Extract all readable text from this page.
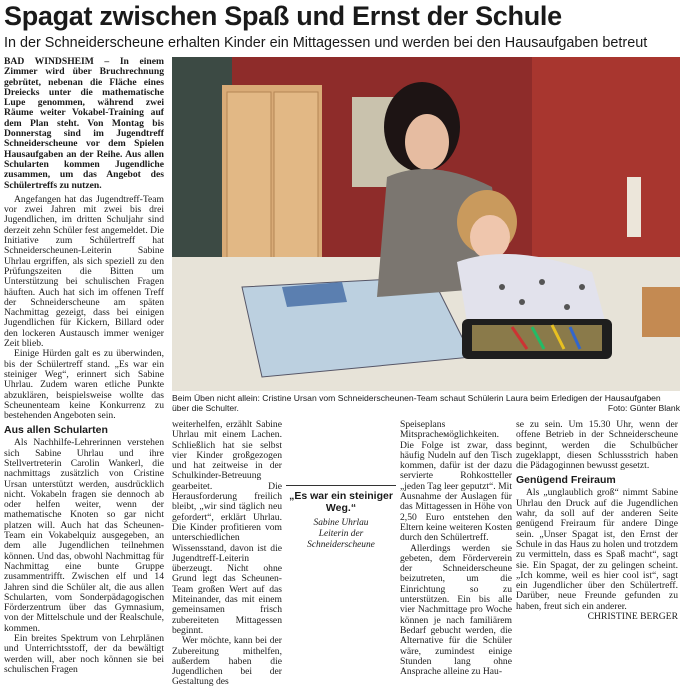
Spagat zwischen Spaß und Ernst der Schule
In der Schneiderscheune erhalten Kinder ein Mittagessen und werden bei den Hausaufgaben betreut

BAD WINDSHEIM – In einem Zimmer wird über Bruchrechnung gebrütet, nebenan die Fläche eines Dreiecks unter die mathematische Lupe genommen, während zwei Räume weiter Vokabel-Training auf dem Plan steht. Von Montag bis Donnerstag sind im Jugendtreff Schneiderscheune vor dem Spielen Hausaufgaben an der Reihe. Aus allen Schularten kommen Jugendliche zusammen, um das Angebot des Schülertreffs zu nutzen.

Angefangen hat das Jugendtreff-Team vor zwei Jahren mit zwei bis drei Jugendlichen, im dritten Schuljahr sind derzeit zehn Schüler fest angemeldet. Die Initiative zum Schülertreff hat Schneiderscheunen-Leiterin Sabine Uhrlau ergriffen, als sich speziell zu den Prüfungszeiten die Bitten um Unterstützung bei schulischen Fragen häuften. Auch hat sich im offenen Treff der Schneiderscheune am späten Nachmittag gezeigt, dass bei einigen Jugendlichen für Kickern, Billard oder den lockeren Austausch immer weniger Zeit blieb.

Einige Hürden galt es zu überwinden, bis der Schülertreff stand. „Es war ein steiniger Weg“, erinnert sich Sabine Uhrlau. Zudem waren etliche Punkte abzuklären, beispielsweise wollte das Scheunenteam keine Konkurrenz zu bestehenden Angeboten sein.

Aus allen Schularten

Als Nachhilfe-Lehrerinnen verstehen sich Sabine Uhrlau und ihre Stellvertreterin Carolin Wankerl, die nachmittags zusätzlich von Cristine Ursan unterstützt werden, ausdrücklich nicht. Vokabeln fragen sie dennoch ab oder helfen weiter, wenn der mathematische Knoten so gar nicht platzen will. Auch hat das Scheunen-Team ein Vokabelquiz ausgegeben, an dem alle Jugendlichen teilnehmen können. Und das, obwohl Nachmittag für Nachmittag eine bunte Gruppe zusammentrifft. Zwischen elf und 14 Jahren sind die Schüler alt, die aus allen Schularten, vom Sonderpädagogischen Förderzentrum über das Gymnasium, von der Mittelschule und der Realschule, kommen.

Ein breites Spektrum von Lehrplänen und Unterrichtsstoff, der da bewältigt werden will, aber noch können sie bei schulischen Fragen

Beim Üben nicht allein: Cristine Ursan vom Schneiderscheunen-Team schaut Schülerin Laura beim Erledigen der Hausaufgaben über die Schulter.	Foto: Günter Blank

weiterhelfen, erzählt Sabine Uhrlau mit einem Lachen. Schließlich hat sie selbst vier Kinder großgezogen und hat zeitweise in der Schulkinder-Betreuung gearbeitet. Die Herausforderung freilich bleibt, „wir sind täglich neu gefordert“, erklärt Uhrlau. Die Kinder profitieren vom unterschiedlichen Wissensstand, davon ist die Jugendtreff-Leiterin überzeugt. Nicht ohne Grund legt das Scheunen-Team großen Wert auf das Miteinander, das mit einem gemeinsamen frisch zubereiteten Mittagessen beginnt.

Wer möchte, kann bei der Zubereitung mithelfen, außerdem haben die Jugendlichen bei der Gestaltung des

„Es war ein steiniger Weg.“
Sabine Uhrlau
Leiterin der Schneiderscheune

Speiseplans Mitspracheмöglichkeiten. Die Folge ist zwar, dass häufig Nudeln auf den Tisch kommen, dafür ist der dazu servierte Rohkostteller „jeden Tag leer geputzt“. Mit Ausnahme der Auslagen für das Mittagessen in Höhe von 2,50 Euro entstehen den Eltern keine weiteren Kosten durch den Schülertreff.

Allerdings werden sie gebeten, dem Förderverein der Schneiderscheune beizutreten, um die Einrichtung so zu unterstützen. Ein bis alle vier Nachmittage pro Woche können je nach familiärem Bedarf gebucht werden, die Alternative für die Schüler wäre, zumindest einige Stunden lang ohne Ansprache alleine zu Hau-

se zu sein. Um 15.30 Uhr, wenn der offene Betrieb in der Schneiderscheune beginnt, werden die Schulbücher zugeklappt, diesen Schlussstrich haben die Pädagoginnen bewusst gesetzt.

Genügend Freiraum

Als „unglaublich groß“ nimmt Sabine Uhrlau den Druck auf die Jugendlichen wahr, da soll auf der anderen Seite genügend Freiraum für andere Dinge sein. „Unser Spagat ist, den Ernst der Schule in das Haus zu holen und trotzdem zu vermitteln, dass es Spaß macht“, sagt sie. Ein Spagat, der zu gelingen scheint. „Ich komme, weil es hier cool ist“, sagt ein Jugendlicher über den Schülertreff. Darüber, neue Freunde gefunden zu haben, freut sich ein anderer.

CHRISTINE BERGER
